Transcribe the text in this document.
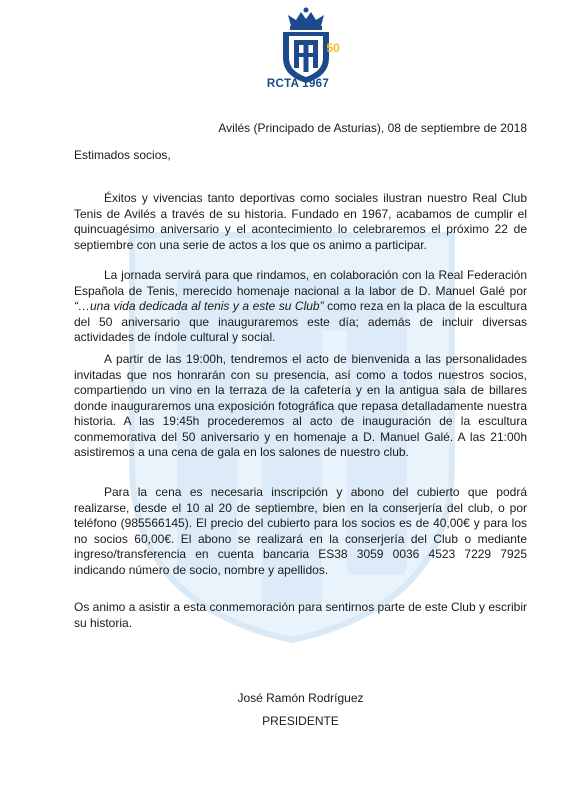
50
RCTA 1967
Avilés (Principado de Asturias), 08 de septiembre de 2018
Estimados socios,

Éxitos y vivencias tanto deportivas como sociales ilustran nuestro Real Club Tenis de Avilés a través de su historia. Fundado en 1967, acabamos de cumplir el quincuagésimo aniversario y el acontecimiento lo celebraremos el próximo 22 de septiembre con una serie de actos a los que os animo a participar.

La jornada servirá para que rindamos, en colaboración con la Real Federación Española de Tenis, merecido homenaje nacional a la labor de D. Manuel Galé por “…una vida dedicada al tenis y a este su Club” como reza en la placa de la escultura del 50 aniversario que inauguraremos este día; además de incluir diversas actividades de índole cultural y social.

A partir de las 19:00h, tendremos el acto de bienvenida a las personalidades invitadas que nos honrarán con su presencia, así como a todos nuestros socios, compartiendo un vino en la terraza de la cafetería y en la antigua sala de billares donde inauguraremos una exposición fotográfica que repasa detalladamente nuestra historia. A las 19:45h procederemos al acto de inauguración de la escultura conmemorativa del 50 aniversario y en homenaje a D. Manuel Galé. A las 21:00h asistiremos a una cena de gala en los salones de nuestro club.

Para la cena es necesaria inscripción y abono del cubierto que podrá realizarse, desde el 10 al 20 de septiembre, bien en la conserjería del club, o por teléfono (985566145). El precio del cubierto para los socios es de 40,00€ y para los no socios 60,00€. El abono se realizará en la conserjería del Club o mediante ingreso/transferencia en cuenta bancaria ES38 3059 0036 4523 7229 7925 indicando número de socio, nombre y apellidos.

Os animo a asistir a esta conmemoración para sentirnos parte de este Club y escribir su historia.

José Ramón Rodríguez
PRESIDENTE
